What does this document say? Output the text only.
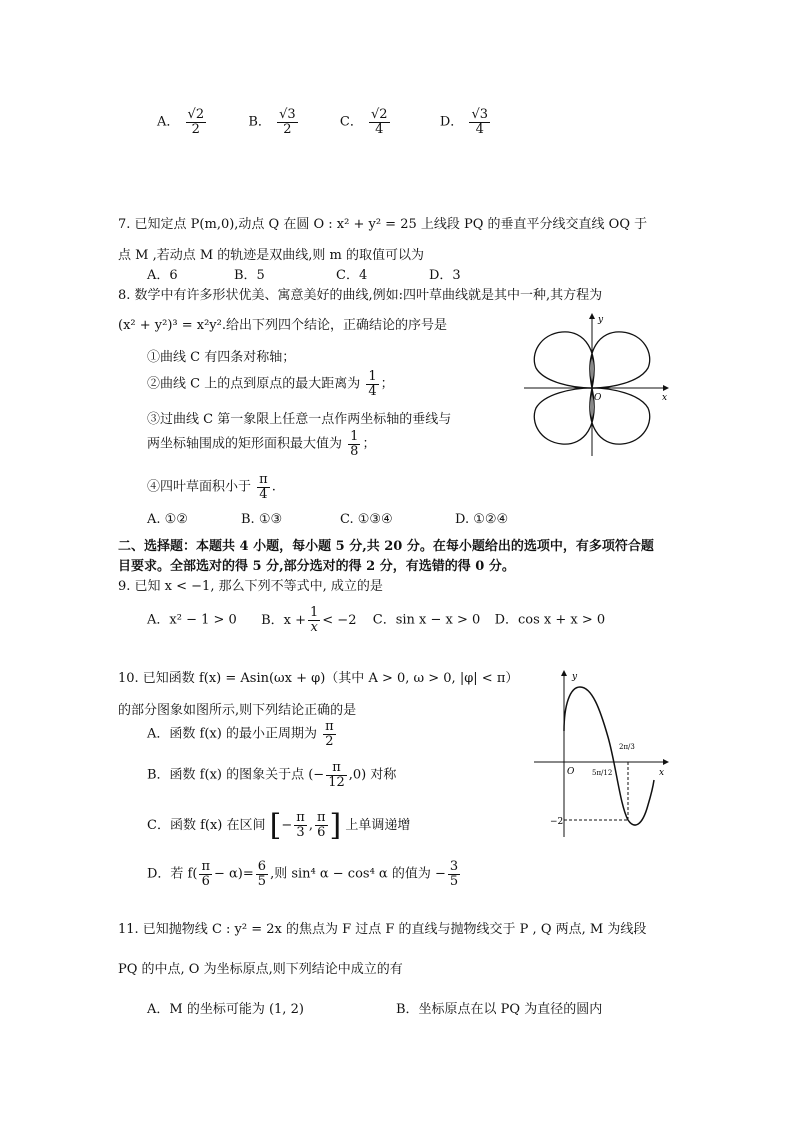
A． $\frac{√2}{2}$	B． $\frac{√3}{2}$	C． $\frac{√2}{4}$	D． $\frac{√3}{4}$
7. 已知定点 P(m,0),动点 Q 在圆 O : x² + y² = 25 上线段 PQ 的垂直平分线交直线 OQ 于
点 M ,若动点 M 的轨迹是双曲线,则 m 的取值可以为
A．6	B．5	C．4	D．3
8. 数学中有许多形状优美、寓意美好的曲线,例如:四叶草曲线就是其中一种,其方程为
(x² + y²)³ = x²y².给出下列四个结论，正确结论的序号是
①曲线 C 有四条对称轴；
②曲线 C 上的点到原点的最大距离为 $\frac{1}{4}$ ；
③过曲线 C 第一象限上任意一点作两坐标轴的垂线与
两坐标轴围成的矩形面积最大值为 $\frac{1}{8}$ ；
④四叶草面积小于 $\frac{\pi}{4}$ .
A. ①②	B. ①③	C. ①③④	D. ①②④
y
x
O
二、选择题：本题共 4 小题，每小题 5 分,共 20 分。在每小题给出的选项中，有多项符合题
目要求。全部选对的得 5 分,部分选对的得 2 分，有选错的得 0 分。
9. 已知 x < −1, 那么下列不等式中, 成立的是
A．x² − 1 > 0 B．$x + \frac{1}{x} < -2$ C．sin x − x > 0 D．cos x + x > 0
10. 已知函数 f(x) = Asin(ωx + φ)（其中 A > 0, ω > 0, |φ| < π）
的部分图象如图所示,则下列结论正确的是
A．函数 f(x) 的最小正周期为 $\frac{\pi}{2}$
B．函数 f(x) 的图象关于点 (− $\frac{\pi}{12} ,0$) 对称
C．函数 f(x) 在区间 [− $\frac{\pi}{3}$ , $\frac{\pi}{6}$ ] 上单调递增
D．若 $f( \frac{\pi}{6} - \alpha)= \frac{6}{5}$ ,则 sin⁴ α − cos⁴ α 的值为 − $\frac{3}{5}$
y
x
O
2π/3
5π/12
−2
11. 已知抛物线 C : y² = 2x 的焦点为 F 过点 F 的直线与抛物线交于 P , Q 两点, M 为线段
PQ 的中点, O 为坐标原点,则下列结论中成立的有
A．M 的坐标可能为 (1, 2)	B．坐标原点在以 PQ 为直径的圆内
